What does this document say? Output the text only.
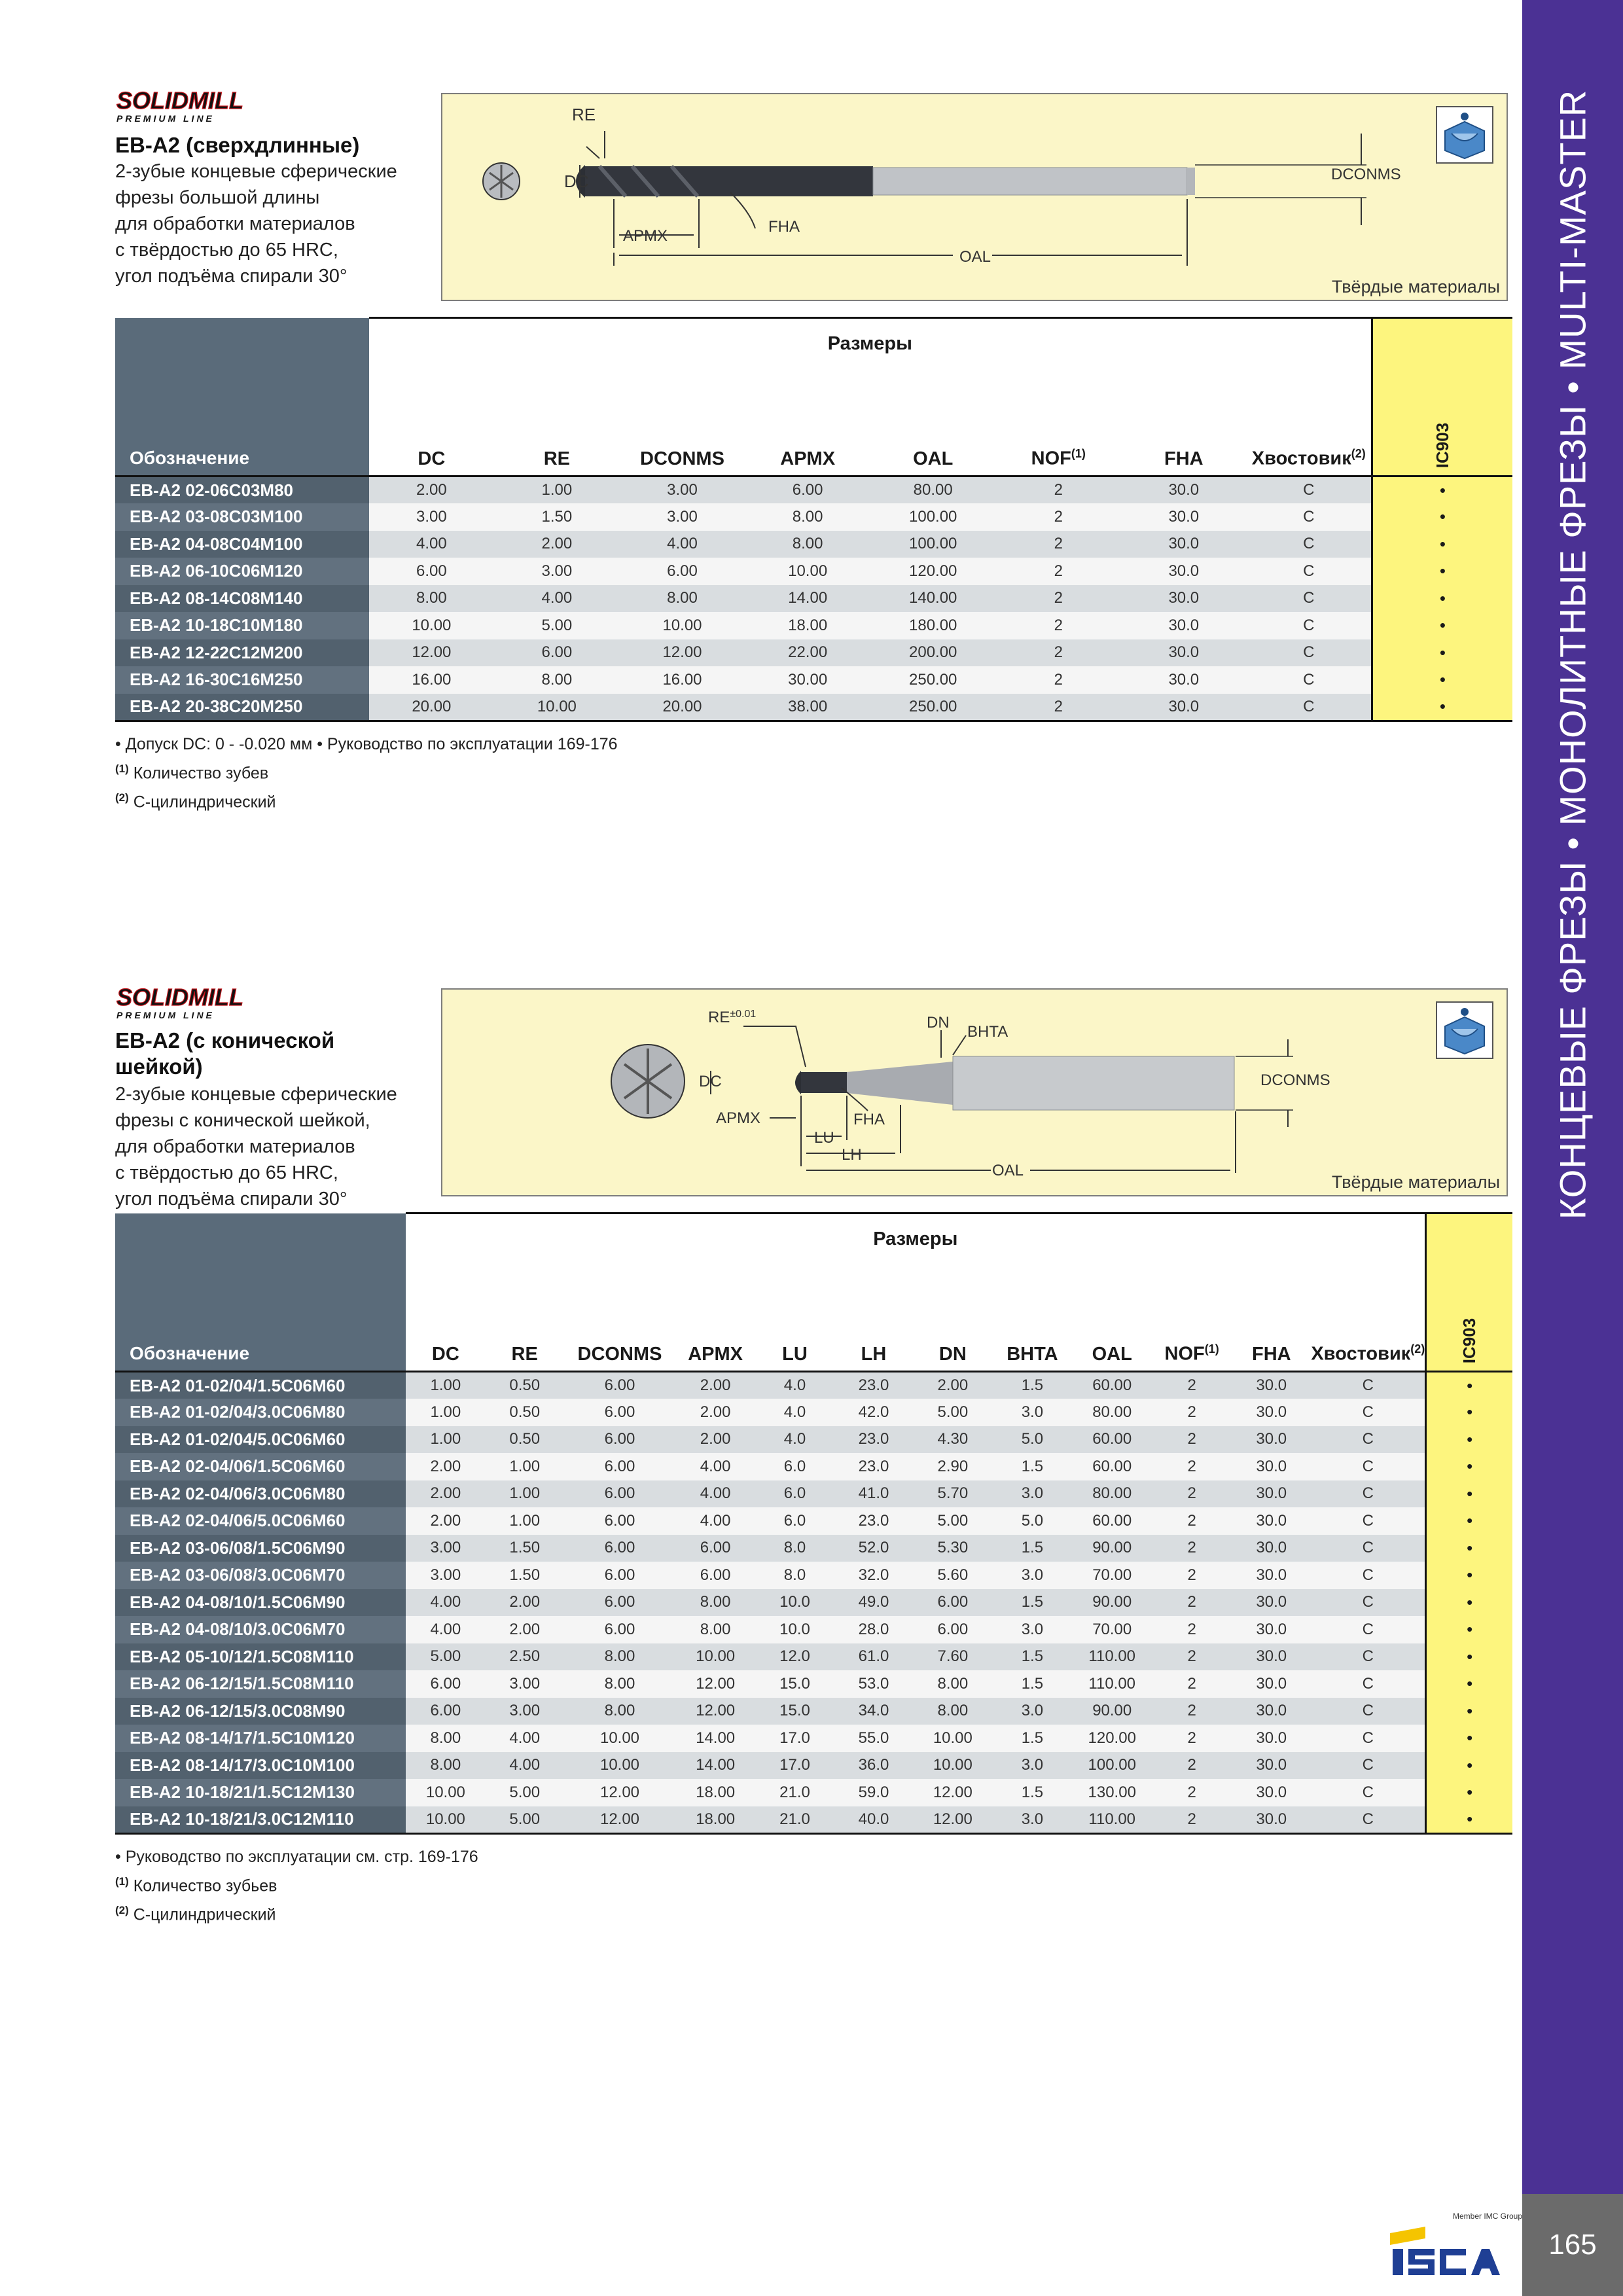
КОНЦЕВЫЕ ФРЕЗЫ • МОНОЛИТНЫЕ ФРЕЗЫ • MULTI-MASTER
165
Member IMC Group
ISCAR
SOLIDMILL
PREMIUM LINE
EB-A2 (сверхдлинные)
2-зубые концевые сферические
фрезы большой длины
для обработки материалов
с твёрдостью до 65 HRC,
угол подъёма спирали 30°
RE
DC
APMX
FHA
OAL
DCONMS
Твёрдые материалы
Обозначение	Размеры								IC903
	DC	RE	DCONMS	APMX	OAL	NOF$^{(1)}$	FHA	Хвостовик$^{(2)}$
EB-A2 02-06C03M80	2.00	1.00	3.00	6.00	80.00	2	30.0	C	•
EB-A2 03-08C03M100	3.00	1.50	3.00	8.00	100.00	2	30.0	C	•
EB-A2 04-08C04M100	4.00	2.00	4.00	8.00	100.00	2	30.0	C	•
EB-A2 06-10C06M120	6.00	3.00	6.00	10.00	120.00	2	30.0	C	•
EB-A2 08-14C08M140	8.00	4.00	8.00	14.00	140.00	2	30.0	C	•
EB-A2 10-18C10M180	10.00	5.00	10.00	18.00	180.00	2	30.0	C	•
EB-A2 12-22C12M200	12.00	6.00	12.00	22.00	200.00	2	30.0	C	•
EB-A2 16-30C16M250	16.00	8.00	16.00	30.00	250.00	2	30.0	C	•
EB-A2 20-38C20M250	20.00	10.00	20.00	38.00	250.00	2	30.0	C	•
• Допуск DC: 0 - -0.020 мм • Руководство по эксплуатации 169-176
$^{(1)}$ Количество зубев
$^{(2)}$ C-цилиндрический
SOLIDMILL
PREMIUM LINE
EB-A2 (с конической
шейкой)
2-зубые концевые сферические
фрезы с конической шейкой,
для обработки материалов
с твёрдостью до 65 HRC,
угол подъёма спирали 30°
$RE^{\pm 0.01}$
DC
APMX
LU
LH
FHA
DN
BHTA
OAL
DCONMS
Твёрдые материалы
Обозначение	Размеры												IC903
	DC	RE	DCONMS	APMX	LU	LH	DN	BHTA	OAL	NOF$^{(1)}$	FHA	Хвостовик$^{(2)}$
EB-A2 01-02/04/1.5C06M60	1.00	0.50	6.00	2.00	4.0	23.0	2.00	1.5	60.00	2	30.0	C	•
EB-A2 01-02/04/3.0C06M80	1.00	0.50	6.00	2.00	4.0	42.0	5.00	3.0	80.00	2	30.0	C	•
EB-A2 01-02/04/5.0C06M60	1.00	0.50	6.00	2.00	4.0	23.0	4.30	5.0	60.00	2	30.0	C	•
EB-A2 02-04/06/1.5C06M60	2.00	1.00	6.00	4.00	6.0	23.0	2.90	1.5	60.00	2	30.0	C	•
EB-A2 02-04/06/3.0C06M80	2.00	1.00	6.00	4.00	6.0	41.0	5.70	3.0	80.00	2	30.0	C	•
EB-A2 02-04/06/5.0C06M60	2.00	1.00	6.00	4.00	6.0	23.0	5.00	5.0	60.00	2	30.0	C	•
EB-A2 03-06/08/1.5C06M90	3.00	1.50	6.00	6.00	8.0	52.0	5.30	1.5	90.00	2	30.0	C	•
EB-A2 03-06/08/3.0C06M70	3.00	1.50	6.00	6.00	8.0	32.0	5.60	3.0	70.00	2	30.0	C	•
EB-A2 04-08/10/1.5C06M90	4.00	2.00	6.00	8.00	10.0	49.0	6.00	1.5	90.00	2	30.0	C	•
EB-A2 04-08/10/3.0C06M70	4.00	2.00	6.00	8.00	10.0	28.0	6.00	3.0	70.00	2	30.0	C	•
EB-A2 05-10/12/1.5C08M110	5.00	2.50	8.00	10.00	12.0	61.0	7.60	1.5	110.00	2	30.0	C	•
EB-A2 06-12/15/1.5C08M110	6.00	3.00	8.00	12.00	15.0	53.0	8.00	1.5	110.00	2	30.0	C	•
EB-A2 06-12/15/3.0C08M90	6.00	3.00	8.00	12.00	15.0	34.0	8.00	3.0	90.00	2	30.0	C	•
EB-A2 08-14/17/1.5C10M120	8.00	4.00	10.00	14.00	17.0	55.0	10.00	1.5	120.00	2	30.0	C	•
EB-A2 08-14/17/3.0C10M100	8.00	4.00	10.00	14.00	17.0	36.0	10.00	3.0	100.00	2	30.0	C	•
EB-A2 10-18/21/1.5C12M130	10.00	5.00	12.00	18.00	21.0	59.0	12.00	1.5	130.00	2	30.0	C	•
EB-A2 10-18/21/3.0C12M110	10.00	5.00	12.00	18.00	21.0	40.0	12.00	3.0	110.00	2	30.0	C	•
• Руководство по эксплуатации см. стр. 169-176
$^{(1)}$ Количество зубьев
$^{(2)}$ C-цилиндрический
